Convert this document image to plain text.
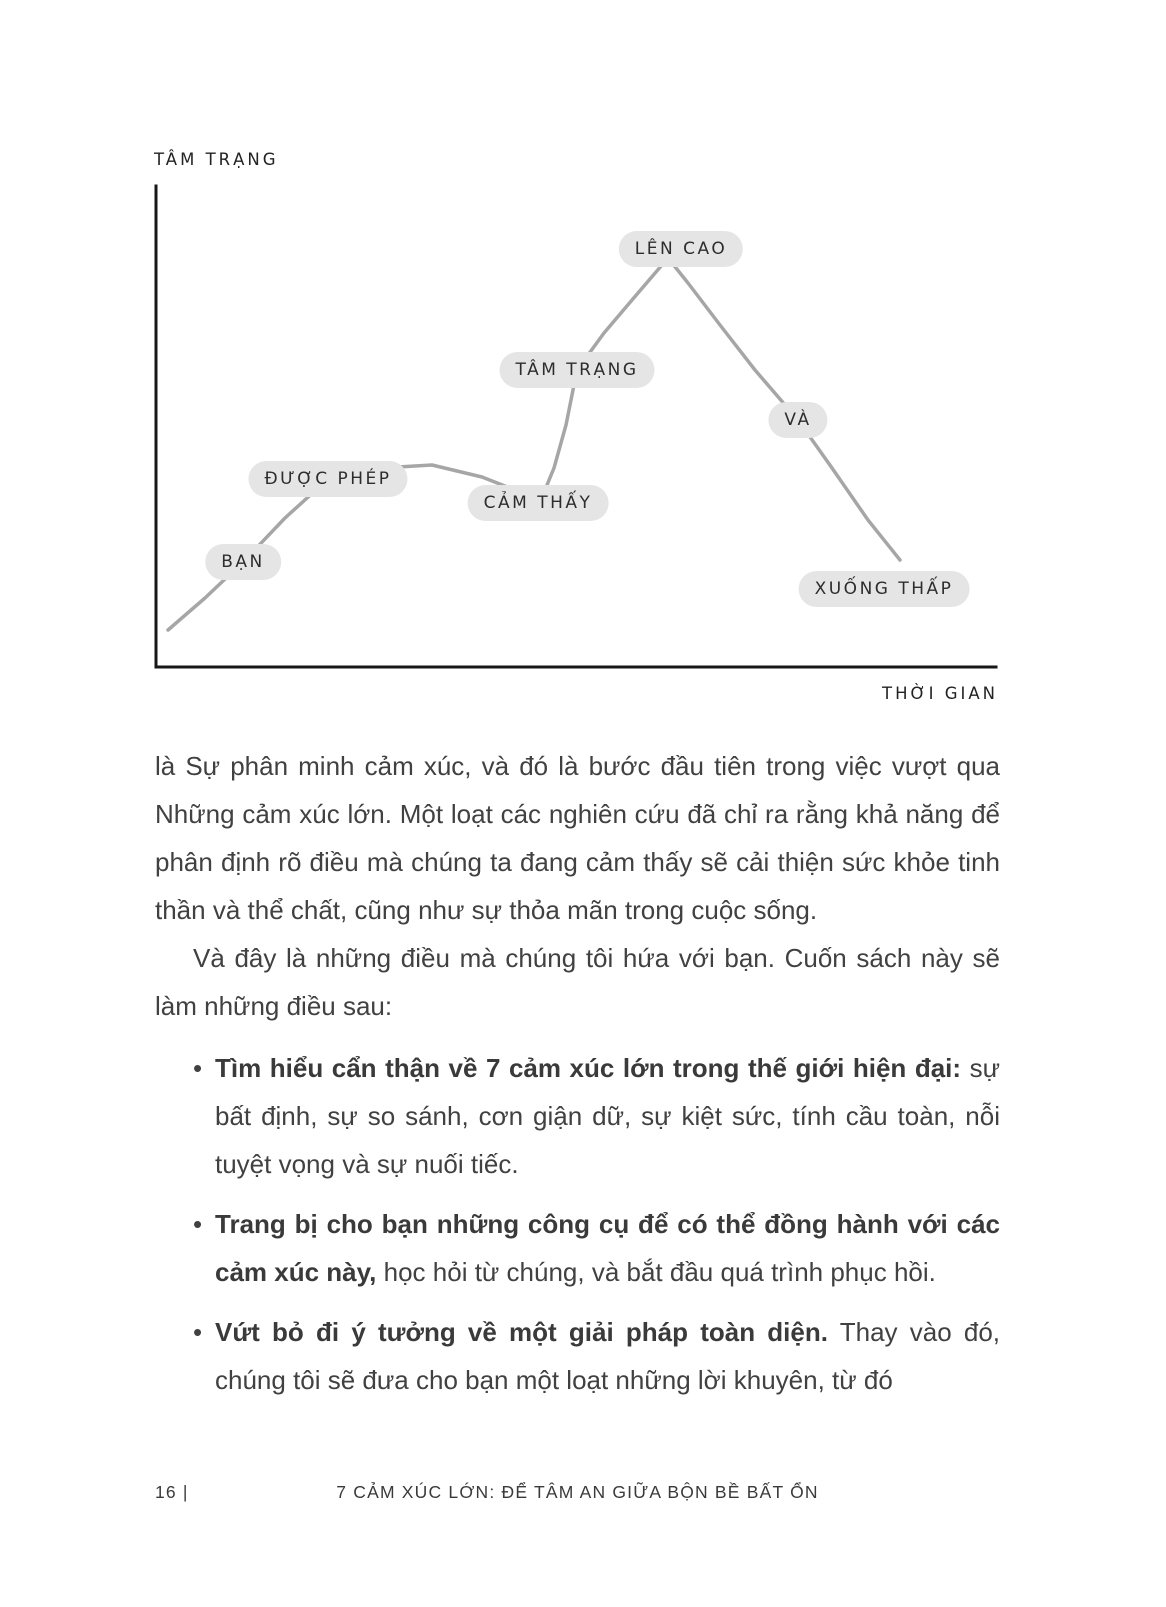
TÂM TRẠNG
BẠN
ĐƯỢC PHÉP
CẢM THẤY
TÂM TRẠNG
LÊN CAO
VÀ
XUỐNG THẤP
THỜI GIAN

là Sự phân minh cảm xúc, và đó là bước đầu tiên trong việc vượt qua Những cảm xúc lớn. Một loạt các nghiên cứu đã chỉ ra rằng khả năng để phân định rõ điều mà chúng ta đang cảm thấy sẽ cải thiện sức khỏe tinh thần và thể chất, cũng như sự thỏa mãn trong cuộc sống.

Và đây là những điều mà chúng tôi hứa với bạn. Cuốn sách này sẽ làm những điều sau:

• Tìm hiểu cẩn thận về 7 cảm xúc lớn trong thế giới hiện đại: sự bất định, sự so sánh, cơn giận dữ, sự kiệt sức, tính cầu toàn, nỗi tuyệt vọng và sự nuối tiếc.
• Trang bị cho bạn những công cụ để có thể đồng hành với các cảm xúc này, học hỏi từ chúng, và bắt đầu quá trình phục hồi.
• Vứt bỏ đi ý tưởng về một giải pháp toàn diện. Thay vào đó, chúng tôi sẽ đưa cho bạn một loạt những lời khuyên, từ đó
16 |	7 CẢM XÚC LỚN: ĐỂ TÂM AN GIỮA BỘN BỀ BẤT ỔN
